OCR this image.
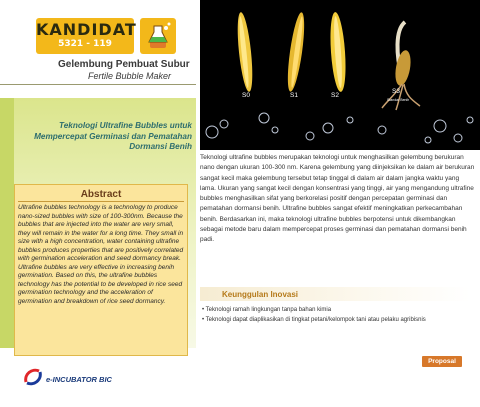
KANDIDAT
5321 - 119
Gelembung Pembuat Subur
Fertile Bubble Maker
Teknologi Ultrafine Bubbles untuk Mempercepat Germinasi dan Pematahan Dormansi Benih
Abstract
Ultrafine bubbles technology is a technology to produce nano-sized bubbles with size of 100-300nm. Because the bubbles that are injected into the water are very small, they will remain in the water for a long time. They small in size with a high concentration, water containing ultrafine bubbles produces properties that are positively correlated with germination acceleration and seed dormancy break. Ultrafine bubbles are very effective in increasing benih germination. Based on this, the ultrafine bubbles technology has the potential to be developed in rice seed germination technology and the acceleration of germination and breakdown of rice seed dormancy.
e-INCUBATOR BIC
S0	S1	S2
S3
Standar Benih
Teknologi ultrafine bubbles merupakan teknologi untuk menghasilkan gelembung berukuran nano dengan ukuran 100-300 nm. Karena gelembung yang diinjeksikan ke dalam air berukuran sangat kecil maka gelembung tersebut tetap tinggal di dalam air dalam jangka waktu yang lama. Ukuran yang sangat kecil dengan konsentrasi yang tinggi, air yang mengandung ultrafine bubbles menghasilkan sifat yang berkorelasi positif dengan percepatan germinasi dan pematahan dormansi benih. Ultrafine bubbles sangat efektif meningkatkan perkecambahan benih. Berdasarkan ini, maka teknologi ultrafine bubbles berpotensi untuk dikembangkan sebagai metode baru dalam mempercepat proses germinasi dan pematahan dormansi benih padi.
Keunggulan Inovasi
• Teknologi ramah lingkungan tanpa bahan kimia
• Teknologi dapat diaplikasikan di tingkat petani/kelompok tani atau pelaku agribisnis
Proposal
